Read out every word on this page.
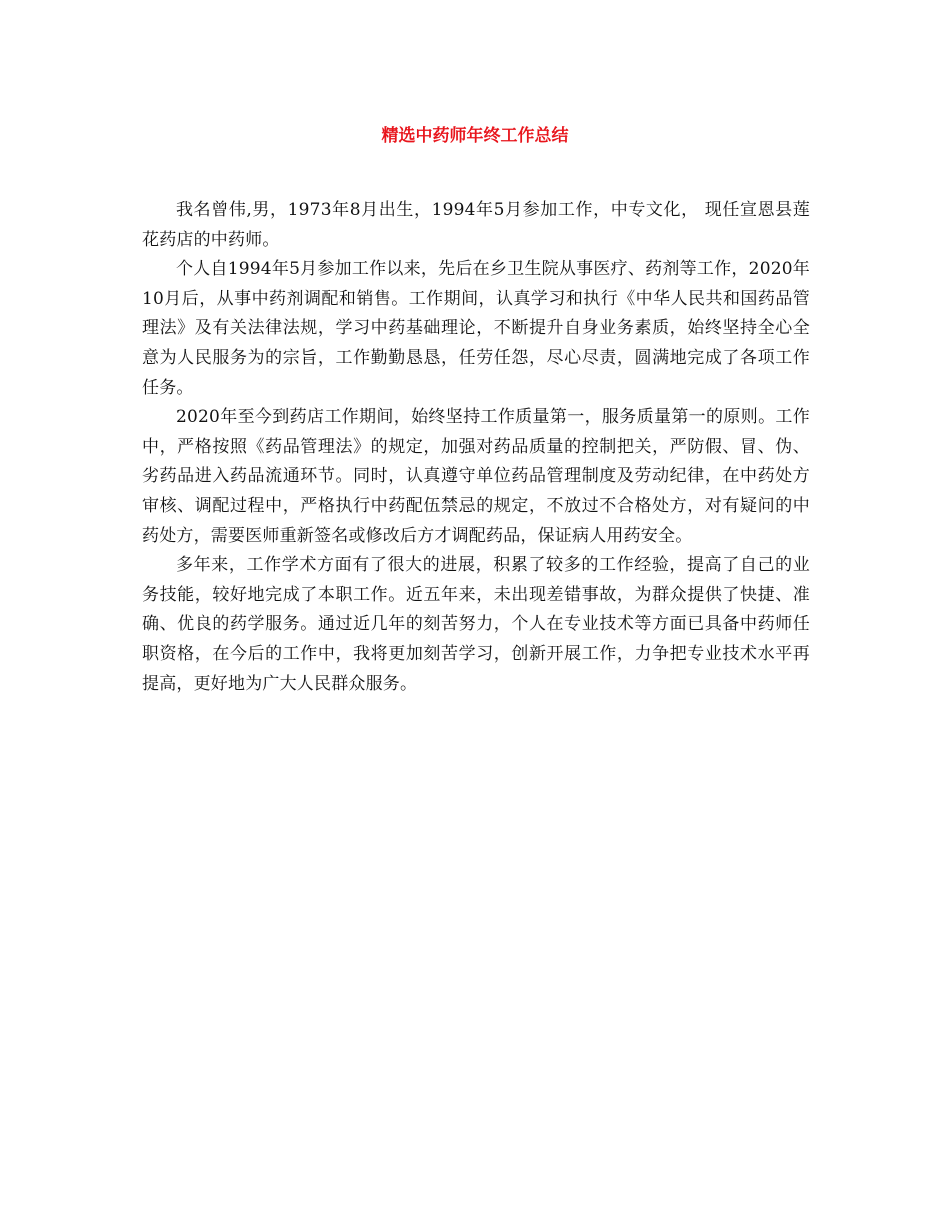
精选中药师年终工作总结

我名曾伟,男，1973年8月出生，1994年5月参加工作，中专文化， 现任宣恩县莲花药店的中药师。

个人自1994年5月参加工作以来，先后在乡卫生院从事医疗、药剂等工作，2020年10月后，从事中药剂调配和销售。工作期间，认真学习和执行《中华人民共和国药品管理法》及有关法律法规，学习中药基础理论，不断提升自身业务素质，始终坚持全心全意为人民服务为的宗旨，工作勤勤恳恳，任劳任怨，尽心尽责，圆满地完成了各项工作任务。

2020年至今到药店工作期间，始终坚持工作质量第一，服务质量第一的原则。工作中，严格按照《药品管理法》的规定，加强对药品质量的控制把关，严防假、冒、伪、劣药品进入药品流通环节。同时，认真遵守单位药品管理制度及劳动纪律，在中药处方审核、调配过程中，严格执行中药配伍禁忌的规定，不放过不合格处方，对有疑问的中药处方，需要医师重新签名或修改后方才调配药品，保证病人用药安全。

多年来，工作学术方面有了很大的进展，积累了较多的工作经验，提高了自己的业务技能，较好地完成了本职工作。近五年来，未出现差错事故，为群众提供了快捷、准确、优良的药学服务。通过近几年的刻苦努力，个人在专业技术等方面已具备中药师任职资格，在今后的工作中，我将更加刻苦学习，创新开展工作，力争把专业技术水平再提高，更好地为广大人民群众服务。
